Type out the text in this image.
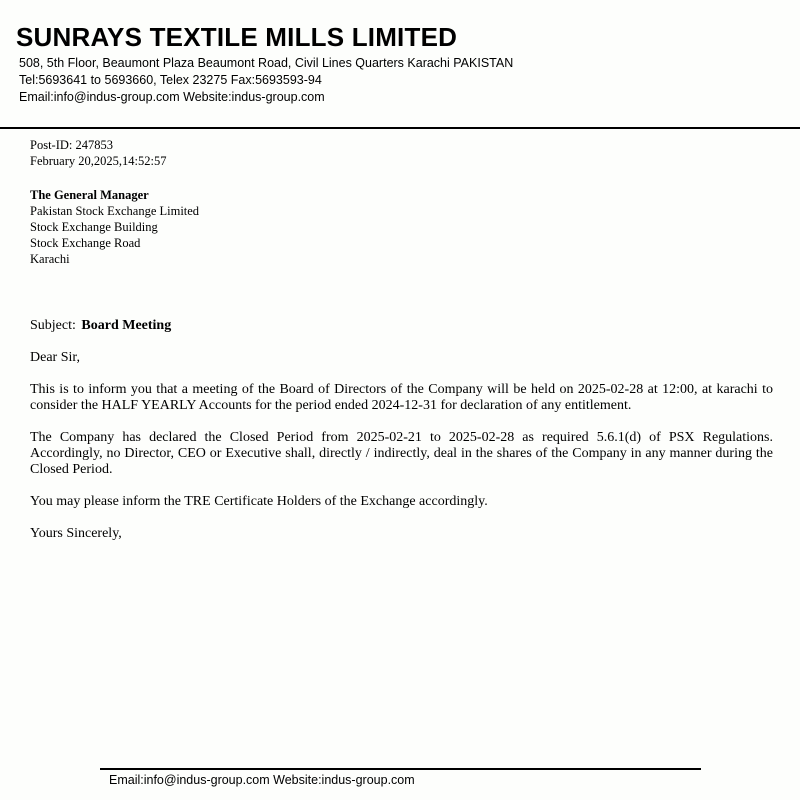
SUNRAYS TEXTILE MILLS LIMITED
508, 5th Floor, Beaumont Plaza Beaumont Road, Civil Lines Quarters Karachi PAKISTAN
Tel:5693641 to 5693660, Telex 23275 Fax:5693593-94
Email:info@indus-group.com Website:indus-group.com
Post-ID: 247853
February 20,2025,14:52:57
The General Manager
Pakistan Stock Exchange Limited
Stock Exchange Building
Stock Exchange Road
Karachi
Subject: Board Meeting
Dear Sir,
This is to inform you that a meeting of the Board of Directors of the Company will be held on 2025-02-28 at 12:00, at karachi to consider the HALF YEARLY Accounts for the period ended 2024-12-31 for declaration of any entitlement.
The Company has declared the Closed Period from 2025-02-21 to 2025-02-28 as required 5.6.1(d) of PSX Regulations. Accordingly, no Director, CEO or Executive shall, directly / indirectly, deal in the shares of the Company in any manner during the Closed Period.
You may please inform the TRE Certificate Holders of the Exchange accordingly.
Yours Sincerely,
Email:info@indus-group.com Website:indus-group.com
